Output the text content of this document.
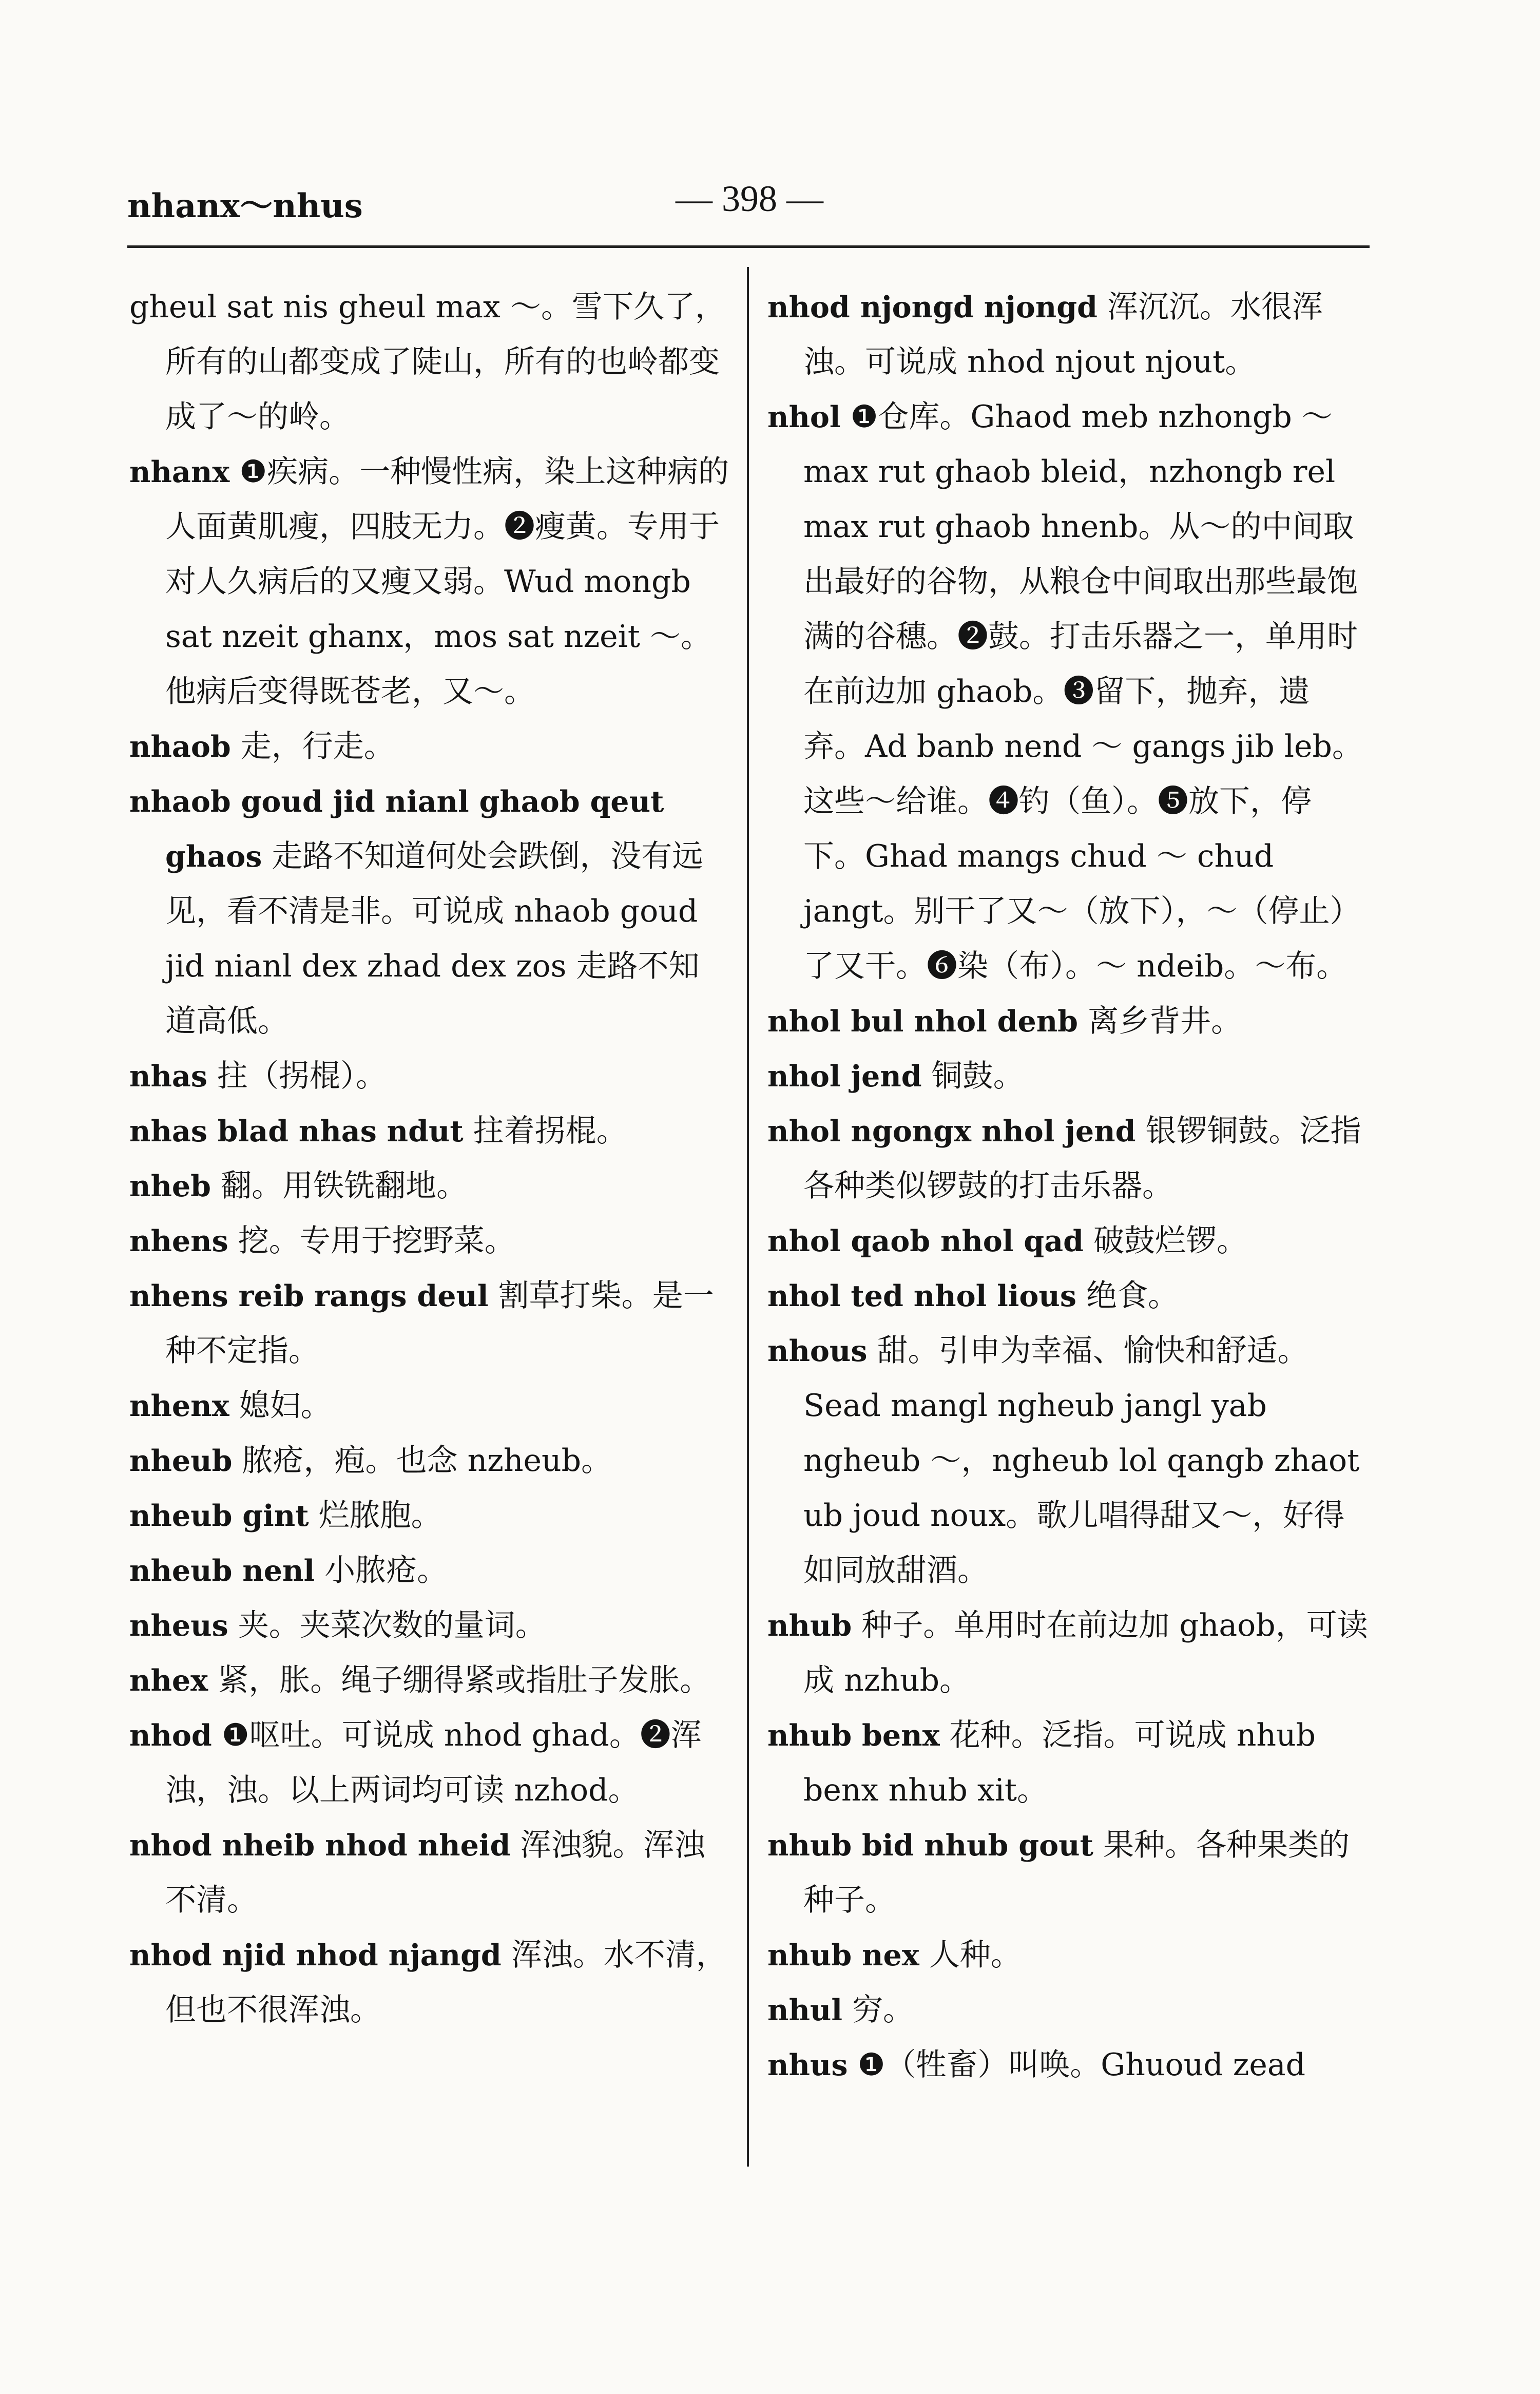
nhanx～nhus	— 398 —

gheul sat nis gheul max ～。雪下久了，所有的山都变成了陡山，所有的也岭都变成了～的岭。

nhanx ❶疾病。一种慢性病，染上这种病的人面黄肌瘦，四肢无力。❷瘦黄。专用于对人久病后的又瘦又弱。Wud mongb sat nzeit ghanx，mos sat nzeit ～。他病后变得既苍老，又～。

nhaob 走，行走。

nhaob goud jid nianl ghaob qeut ghaos 走路不知道何处会跌倒，没有远见，看不清是非。可说成 nhaob goud jid nianl dex zhad dex zos 走路不知道高低。

nhas 拄（拐棍）。

nhas blad nhas ndut 拄着拐棍。

nheb 翻。用铁铣翻地。

nhens 挖。专用于挖野菜。

nhens reib rangs deul 割草打柴。是一种不定指。

nhenx 媳妇。

nheub 脓疮，疱。也念 nzheub。

nheub gint 烂脓胞。

nheub nenl 小脓疮。

nheus 夹。夹菜次数的量词。

nhex 紧，胀。绳子绷得紧或指肚子发胀。

nhod ❶呕吐。可说成 nhod ghad。❷浑浊，浊。以上两词均可读 nzhod。

nhod nheib nhod nheid 浑浊貌。浑浊不清。

nhod njid nhod njangd 浑浊。水不清，但也不很浑浊。

nhod njongd njongd 浑沉沉。水很浑浊。可说成 nhod njout njout。

nhol ❶仓库。Ghaod meb nzhongb ～ max rut ghaob bleid，nzhongb rel max rut ghaob hnenb。从～的中间取出最好的谷物，从粮仓中间取出那些最饱满的谷穗。❷鼓。打击乐器之一，单用时在前边加 ghaob。❸留下，抛弃，遗弃。Ad banb nend ～ gangs jib leb。这些～给谁。❹钓（鱼）。❺放下，停下。Ghad mangs chud ～ chud jangt。别干了又～（放下），～（停止）了又干。❻染（布）。～ ndeib。～布。

nhol bul nhol denb 离乡背井。

nhol jend 铜鼓。

nhol ngongx nhol jend 银锣铜鼓。泛指各种类似锣鼓的打击乐器。

nhol qaob nhol qad 破鼓烂锣。

nhol ted nhol lious 绝食。

nhous 甜。引申为幸福、愉快和舒适。Sead mangl ngheub jangl yab ngheub ～，ngheub lol qangb zhaot ub joud noux。歌儿唱得甜又～，好得如同放甜酒。

nhub 种子。单用时在前边加 ghaob，可读成 nzhub。

nhub benx 花种。泛指。可说成 nhub benx nhub xit。

nhub bid nhub gout 果种。各种果类的种子。

nhub nex 人种。

nhul 穷。

nhus ❶（牲畜）叫唤。Ghuoud zead
